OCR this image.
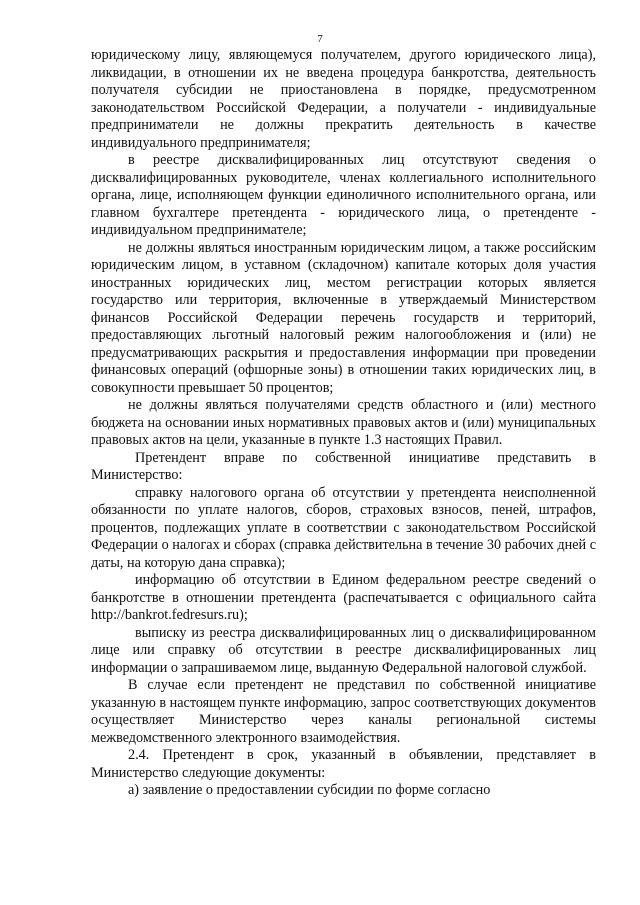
7

юридическому лицу, являющемуся получателем, другого юридического лица), ликвидации, в отношении их не введена процедура банкротства, деятельность получателя субсидии не приостановлена в порядке, предусмотренном законодательством Российской Федерации, а получатели - индивидуальные предприниматели не должны прекратить деятельность в качестве индивидуального предпринимателя;

в реестре дисквалифицированных лиц отсутствуют сведения о дисквалифицированных руководителе, членах коллегиального исполнительного органа, лице, исполняющем функции единоличного исполнительного органа, или главном бухгалтере претендента - юридического лица, о претенденте - индивидуальном предпринимателе;

не должны являться иностранным юридическим лицом, а также российским юридическим лицом, в уставном (складочном) капитале которых доля участия иностранных юридических лиц, местом регистрации которых является государство или территория, включенные в утверждаемый Министерством финансов Российской Федерации перечень государств и территорий, предоставляющих льготный налоговый режим налогообложения и (или) не предусматривающих раскрытия и предоставления информации при проведении финансовых операций (офшорные зоны) в отношении таких юридических лиц, в совокупности превышает 50 процентов;

не должны являться получателями средств областного и (или) местного бюджета на основании иных нормативных правовых актов и (или) муниципальных правовых актов на цели, указанные в пункте 1.3 настоящих Правил.

Претендент вправе по собственной инициативе представить в Министерство:

справку налогового органа об отсутствии у претендента неисполненной обязанности по уплате налогов, сборов, страховых взносов, пеней, штрафов, процентов, подлежащих уплате в соответствии с законодательством Российской Федерации о налогах и сборах (справка действительна в течение 30 рабочих дней с даты, на которую дана справка);

информацию об отсутствии в Едином федеральном реестре сведений о банкротстве в отношении претендента (распечатывается с официального сайта http://bankrot.fedresurs.ru);

выписку из реестра дисквалифицированных лиц о дисквалифицированном лице или справку об отсутствии в реестре дисквалифицированных лиц информации о запрашиваемом лице, выданную Федеральной налоговой службой.

В случае если претендент не представил по собственной инициативе указанную в настоящем пункте информацию, запрос соответствующих документов осуществляет Министерство через каналы региональной системы межведомственного электронного взаимодействия.

2.4. Претендент в срок, указанный в объявлении, представляет в Министерство следующие документы:

а) заявление о предоставлении субсидии по форме согласно
